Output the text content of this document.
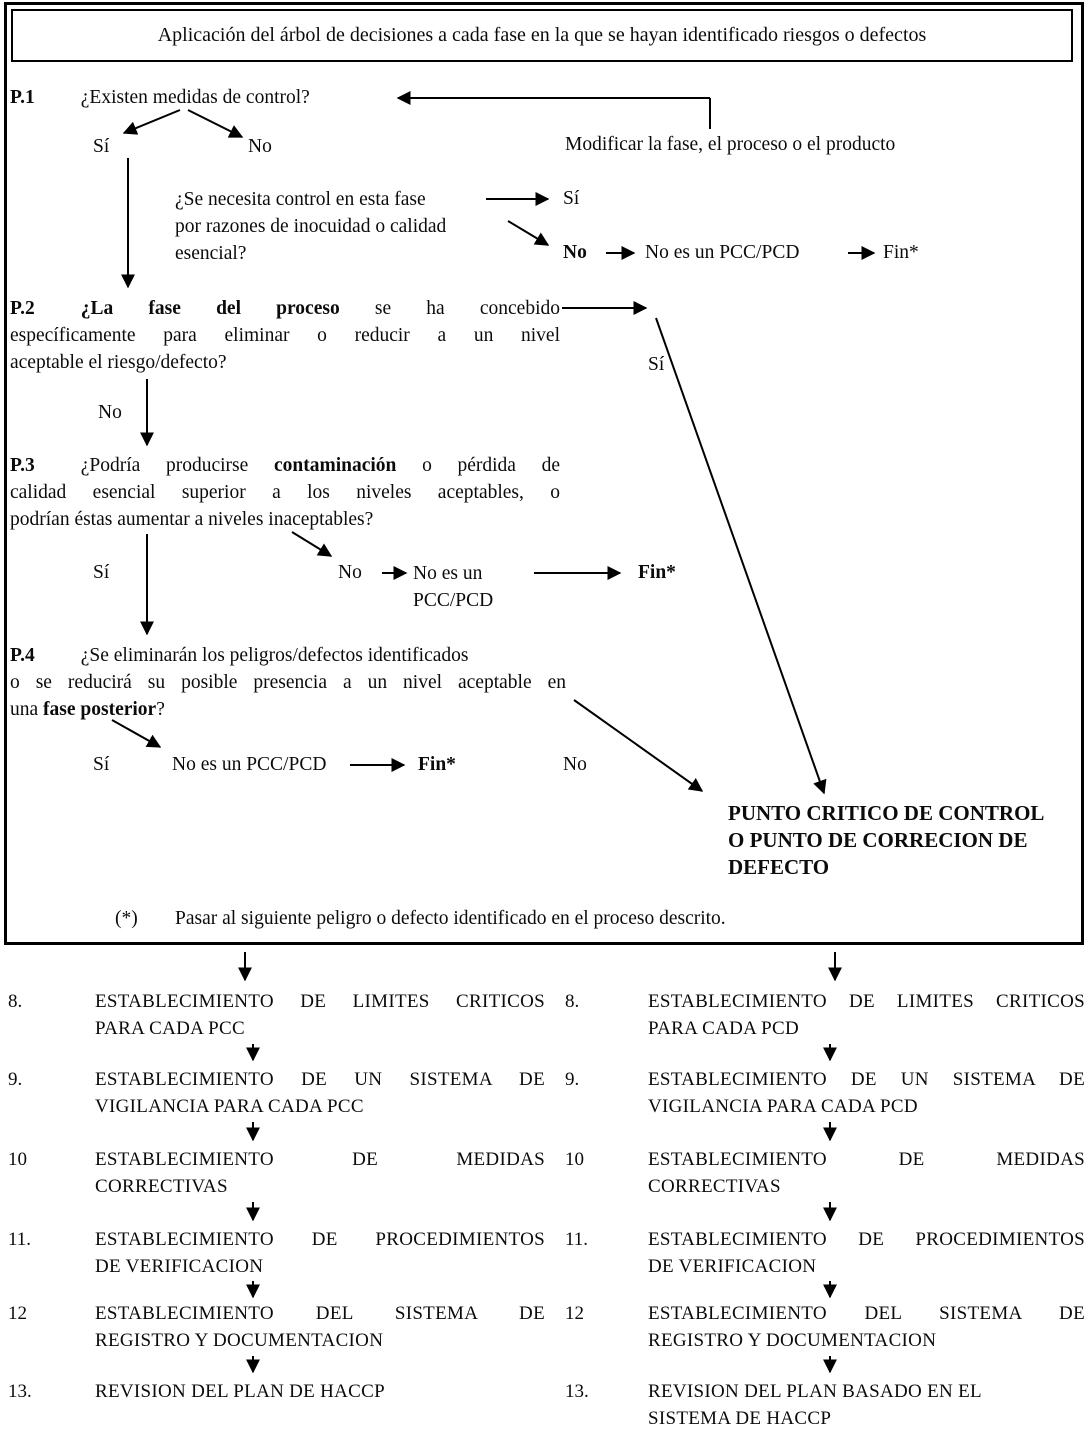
Aplicación del árbol de decisiones a cada fase en la que se hayan identificado riesgos o defectos
P.1 ¿Existen medidas de control?
Sí	No	Modificar la fase, el proceso o el producto
¿Se necesita control en esta fase
por razones de inocuidad o calidad
esencial?
Sí
No	No es un PCC/PCD	Fin*
P.2 ¿La fase del proceso se ha concebido
específicamente para eliminar o reducir a un nivel
aceptable el riesgo/defecto?	Sí
No
P.3 ¿Podría producirse contaminación o pérdida de
calidad esencial superior a los niveles aceptables, o
podrían éstas aumentar a niveles inaceptables?
Sí	No	No es un
PCC/PCD
Fin*
P.4 ¿Se eliminarán los peligros/defectos identificados
o se reducirá su posible presencia a un nivel aceptable en
una fase posterior?
Sí	No es un PCC/PCD	Fin*	No
PUNTO CRITICO DE CONTROL
O PUNTO DE CORRECION DE
DEFECTO
(*) Pasar al siguiente peligro o defecto identificado en el proceso descrito.
8.	ESTABLECIMIENTO DE LIMITES CRITICOS
PARA CADA PCC
9.	ESTABLECIMIENTO DE UN SISTEMA DE
VIGILANCIA PARA CADA PCC
10	ESTABLECIMIENTO DE MEDIDAS
CORRECTIVAS
11.	ESTABLECIMIENTO DE PROCEDIMIENTOS
DE VERIFICACION
12	ESTABLECIMIENTO DEL SISTEMA DE
REGISTRO Y DOCUMENTACION
13.	REVISION DEL PLAN DE HACCP
8.	ESTABLECIMIENTO DE LIMITES CRITICOS
PARA CADA PCD
9.	ESTABLECIMIENTO DE UN SISTEMA DE
VIGILANCIA PARA CADA PCD
10	ESTABLECIMIENTO DE MEDIDAS
CORRECTIVAS
11.	ESTABLECIMIENTO DE PROCEDIMIENTOS
DE VERIFICACION
12	ESTABLECIMIENTO DEL SISTEMA DE
REGISTRO Y DOCUMENTACION
13.	REVISION DEL PLAN BASADO EN EL
SISTEMA DE HACCP
